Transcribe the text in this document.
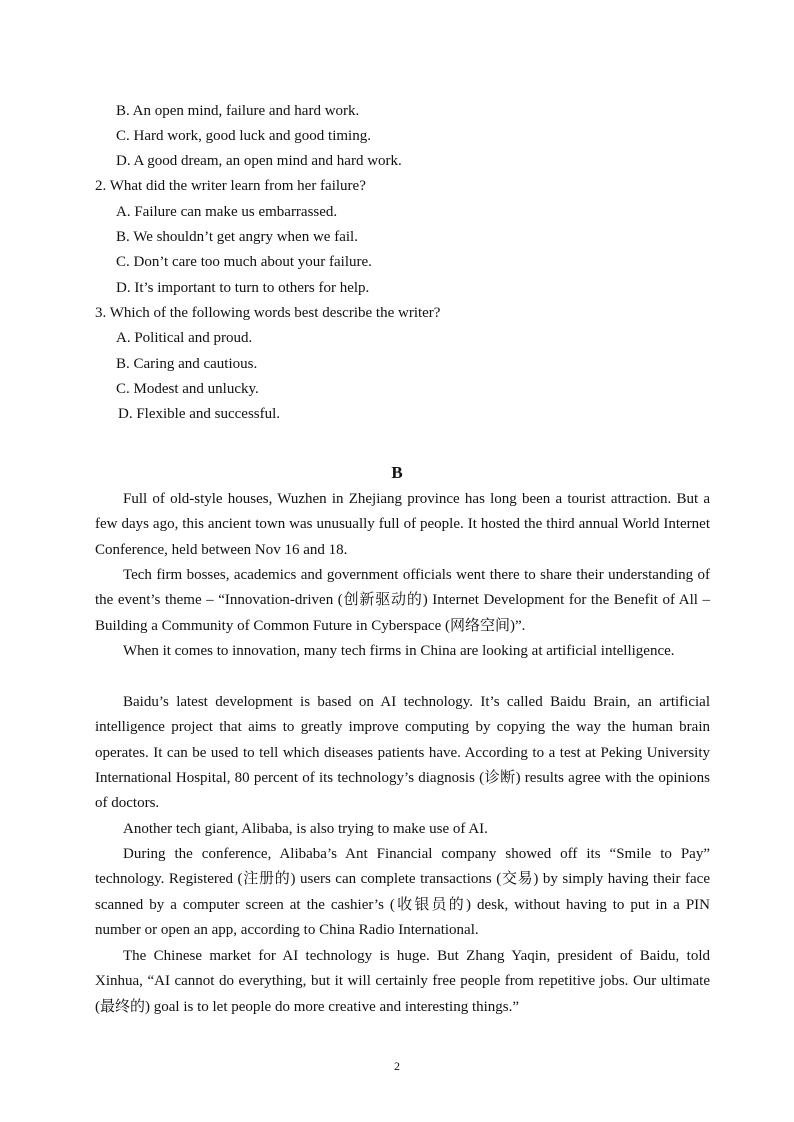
B. An open mind, failure and hard work.
C. Hard work, good luck and good timing.
D. A good dream, an open mind and hard work.
2. What did the writer learn from her failure?
A. Failure can make us embarrassed.
B. We shouldn’t get angry when we fail.
C. Don’t care too much about your failure.
D. It’s important to turn to others for help.
3. Which of the following words best describe the writer?
A. Political and proud.
B. Caring and cautious.
C. Modest and unlucky.
D. Flexible and successful.
B

Full of old-style houses, Wuzhen in Zhejiang province has long been a tourist attraction. But a few days ago, this ancient town was unusually full of people. It hosted the third annual World Internet Conference, held between Nov 16 and 18.

Tech firm bosses, academics and government officials went there to share their understanding of the event’s theme – “Innovation-driven (创新驱动的) Internet Development for the Benefit of All – Building a Community of Common Future in Cyberspace (网络空间)”.

When it comes to innovation, many tech firms in China are looking at artificial intelligence.

Baidu’s latest development is based on AI technology. It’s called Baidu Brain, an artificial intelligence project that aims to greatly improve computing by copying the way the human brain operates. It can be used to tell which diseases patients have. According to a test at Peking University International Hospital, 80 percent of its technology’s diagnosis (诊断) results agree with the opinions of doctors.

Another tech giant, Alibaba, is also trying to make use of AI.

During the conference, Alibaba’s Ant Financial company showed off its “Smile to Pay” technology. Registered (注册的) users can complete transactions (交易) by simply having their face scanned by a computer screen at the cashier’s (收银员的) desk, without having to put in a PIN number or open an app, according to China Radio International.

The Chinese market for AI technology is huge. But Zhang Yaqin, president of Baidu, told Xinhua, “AI cannot do everything, but it will certainly free people from repetitive jobs. Our ultimate (最终的) goal is to let people do more creative and interesting things.”

2
